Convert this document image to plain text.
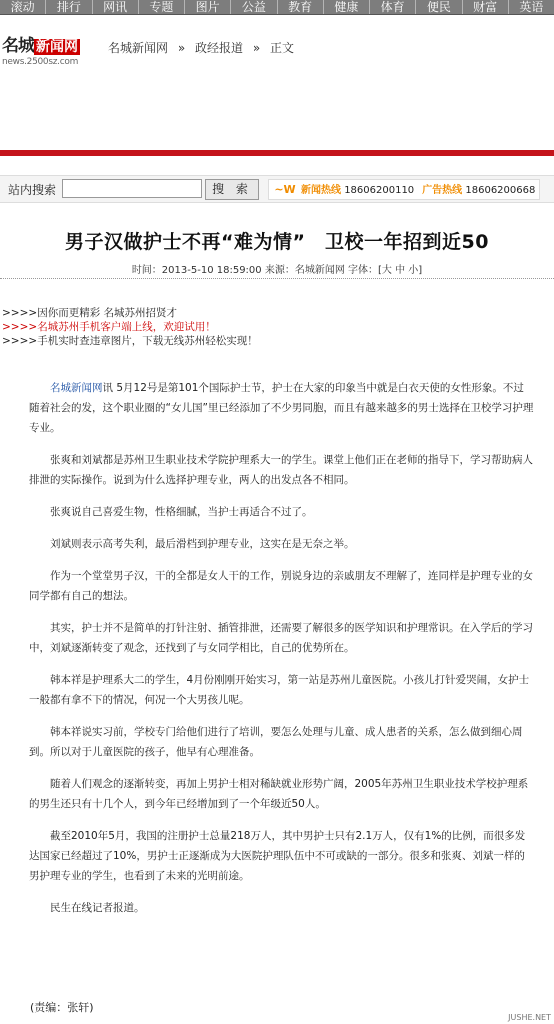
滚动	排行	网讯	专题	图片	公益	教育	健康	体育	便民	财富	英语
名城 新闻网
news.2500sz.com
名城新闻网 » 政经报道 » 正文
站内搜索	搜 索	~W 新闻热线 18606200110 广告热线 18606200668
男子汉做护士不再“难为情”　卫校一年招到近50
时间：2013-5-10 18:59:00 来源：名城新闻网 字体：[大 中 小]
>>>>因你而更精彩 名城苏州招贤才
>>>>名城苏州手机客户端上线，欢迎试用！
>>>>手机实时查违章图片，下载无线苏州轻松实现！

名城新闻网讯 5月12号是第101个国际护士节，护士在大家的印象当中就是白衣天使的女性形象。不过随着社会的发，这个职业圈的“女儿国”里已经添加了不少男同胞，而且有越来越多的男士选择在卫校学习护理专业。

张爽和刘斌都是苏州卫生职业技术学院护理系大一的学生。课堂上他们正在老师的指导下，学习帮助病人排泄的实际操作。说到为什么选择护理专业，两人的出发点各不相同。

张爽说自己喜爱生物，性格细腻，当护士再适合不过了。

刘斌则表示高考失利，最后滑档到护理专业，这实在是无奈之举。

作为一个堂堂男子汉，干的全都是女人干的工作，别说身边的亲戚朋友不理解了，连同样是护理专业的女同学都有自己的想法。

其实，护士并不是简单的打针注射、插管排泄，还需要了解很多的医学知识和护理常识。在入学后的学习中，刘斌逐渐转变了观念，还找到了与女同学相比，自己的优势所在。

韩本祥是护理系大二的学生，4月份刚刚开始实习，第一站是苏州儿童医院。小孩儿打针爱哭闹，女护士一般都有拿不下的情况，何况一个大男孩儿呢。

韩本祥说实习前，学校专门给他们进行了培训，要怎么处理与儿童、成人患者的关系，怎么做到细心周到。所以对于儿童医院的孩子，他早有心理准备。

随着人们观念的逐渐转变，再加上男护士相对稀缺就业形势广阔，2005年苏州卫生职业技术学校护理系的男生还只有十几个人，到今年已经增加到了一个年级近50人。

截至2010年5月，我国的注册护士总量218万人，其中男护士只有2.1万人，仅有1%的比例，而很多发达国家已经超过了10%，男护士正逐渐成为大医院护理队伍中不可或缺的一部分。很多和张爽、刘斌一样的男护理专业的学生，也看到了未来的光明前途。

民生在线记者报道。

(责编：张轩)
JUSHE.NET
